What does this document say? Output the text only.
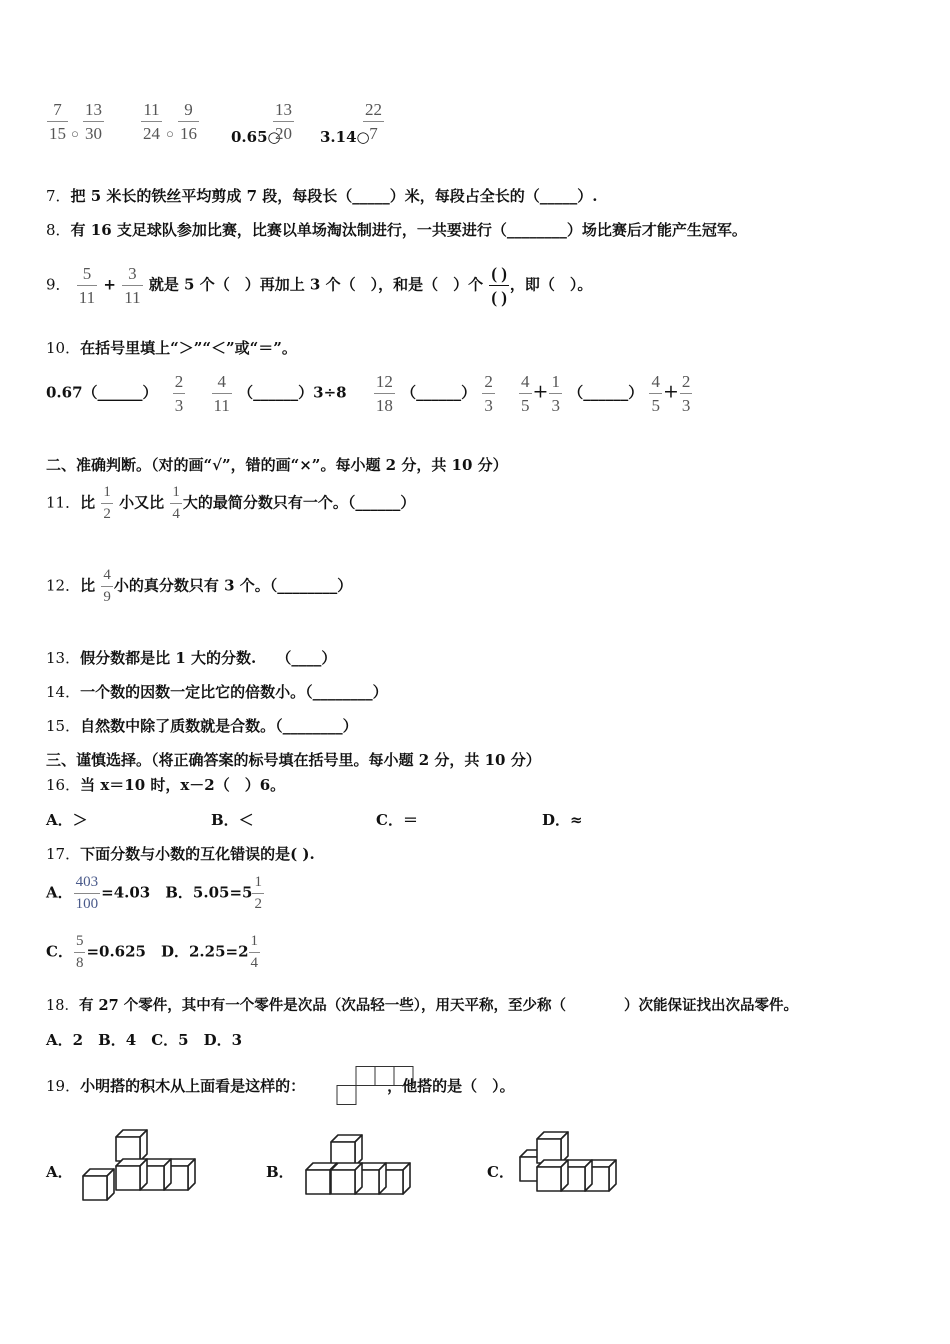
$\frac{7}{15}$ ○ $\frac{13}{30} \frac{11}{24}$ ○ $\frac{9}{16}$ 0.65○
$\frac{13}{20}$ 3.14○
$\frac{22}{7}$
7．把 5 米长的铁丝平均剪成 7 段，每段长（_____）米，每段占全长的（_____）.
8．有 16 支足球队参加比赛，比赛以单场淘汰制进行，一共要进行（________）场比赛后才能产生冠军。
9． $\frac{5}{11} + \frac{3}{11}$ 就是 5 个（　）再加上 3 个（　），和是（　）个 $\frac{( )}{( )}$ ，即（　）。
10．在括号里填上“＞”“＜”或“＝”。
0.67（______） $\frac{2}{3}$
$\frac{4}{11}$ （______）3÷8 $\frac{12}{18}$ （______） $\frac{2}{3}$
$\frac{4}{5} + \frac{1}{3}$ （______） $\frac{4}{5} + \frac{2}{3}$
二、准确判断。（对的画“√”，错的画“×”。每小题 2 分，共 10 分）
11．比 $\frac{1}{2}$ 小又比 $\frac{1}{4}$ 大的最简分数只有一个。（______）
12．比 $\frac{4}{9}$ 小的真分数只有 3 个。（________）
13．假分数都是比 1 大的分数.　 （____）
14．一个数的因数一定比它的倍数小。（________）
15．自然数中除了质数就是合数。（________）
三、谨慎选择。（将正确答案的标号填在括号里。每小题 2 分，共 10 分）
16．当 x＝10 时，x－2（　）6。
A．＞	B．＜	C．＝	D．≈
17．下面分数与小数的互化错误的是( ).
A． $\frac{403}{100} =4.03$　B．$5.05=5 \frac{1}{2}$
C． $\frac{5}{8} =0.625$　D．$2.25=2 \frac{1}{4}$
18．有 27 个零件，其中有一个零件是次品（次品轻一些），用天平称，至少称（　　　　）次能保证找出次品零件。
A．2　B．4　C．5　D．3
19．小明搭的积木从上面看是这样的：	，他搭的是（　）。
A．	B．	C．
